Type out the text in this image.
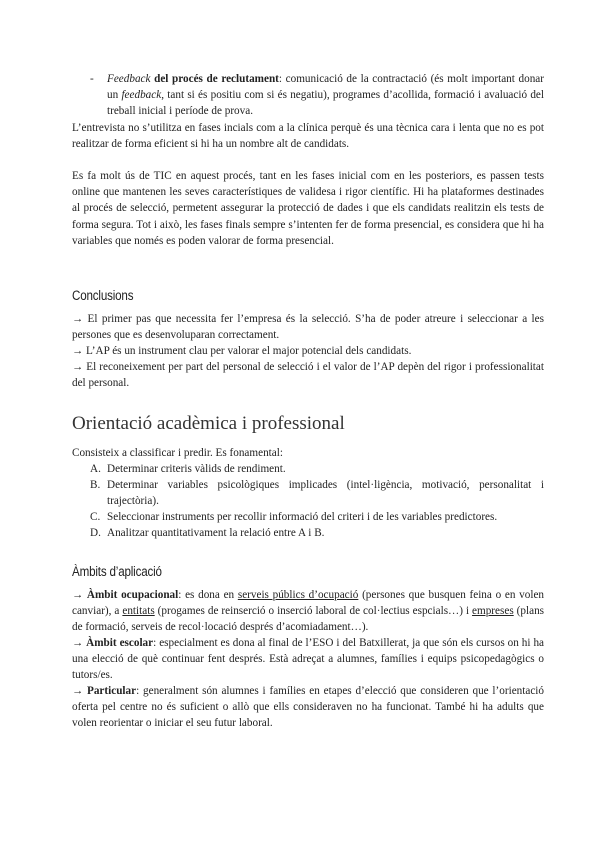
- Feedback del procés de reclutament: comunicació de la contractació (és molt important donar un feedback, tant si és positiu com si és negatiu), programes d’acollida, formació i avaluació del treball inicial i període de prova.

L’entrevista no s’utilitza en fases incials com a la clínica perquè és una tècnica cara i lenta que no es pot realitzar de forma eficient si hi ha un nombre alt de candidats.

Es fa molt ús de TIC en aquest procés, tant en les fases inicial com en les posteriors, es passen tests online que mantenen les seves característiques de validesa i rigor científic. Hi ha plataformes destinades al procés de selecció, permetent assegurar la protecció de dades i que els candidats realitzin els tests de forma segura. Tot i això, les fases finals sempre s’intenten fer de forma presencial, es considera que hi ha variables que només es poden valorar de forma presencial.

Conclusions

→ El primer pas que necessita fer l’empresa és la selecció. S’ha de poder atreure i seleccionar a les persones que es desenvoluparan correctament.

→ L’AP és un instrument clau per valorar el major potencial dels candidats.

→ El reconeixement per part del personal de selecció i el valor de l’AP depèn del rigor i professionalitat del personal.

Orientació acadèmica i professional

Consisteix a classificar i predir. Es fonamental:

A. Determinar criteris vàlids de rendiment.
B. Determinar variables psicològiques implicades (intel·ligència, motivació, personalitat i trajectòria).
C. Seleccionar instruments per recollir informació del criteri i de les variables predictores.
D. Analitzar quantitativament la relació entre A i B.
Àmbits d’aplicació

→ Àmbit ocupacional: es dona en serveis públics d’ocupació (persones que busquen feina o en volen canviar), a entitats (progames de reinserció o inserció laboral de col·lectius espcials…) i empreses (plans de formació, serveis de recol·locació després d’acomiadament…).

→ Àmbit escolar: especialment es dona al final de l’ESO i del Batxillerat, ja que són els cursos on hi ha una elecció de què continuar fent després. Està adreçat a alumnes, famílies i equips psicopedagògics o tutors/es.

→ Particular: generalment són alumnes i famílies en etapes d’elecció que consideren que l’orientació oferta pel centre no és suficient o allò que ells consideraven no ha funcionat. També hi ha adults que volen reorientar o iniciar el seu futur laboral.
